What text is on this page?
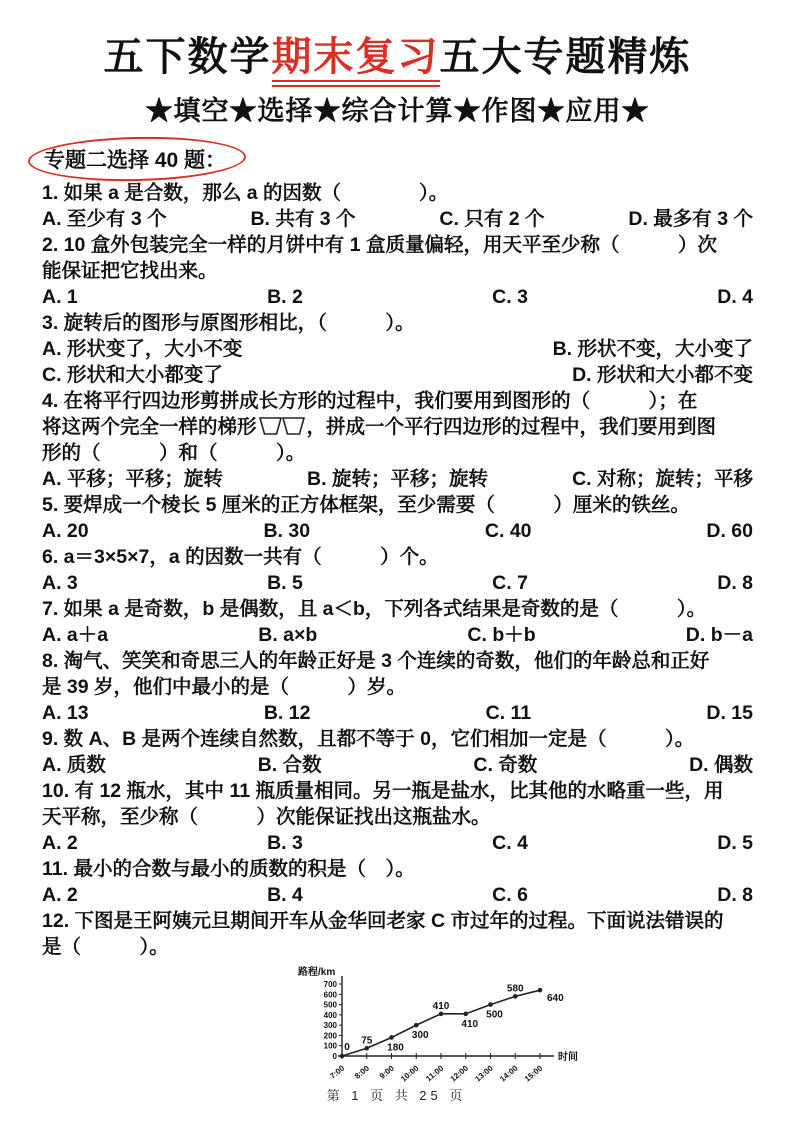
五下数学期末复习五大专题精炼
★填空★选择★综合计算★作图★应用★
专题二选择 40 题：
1. 如果 a 是合数，那么 a 的因数（　　　　）。
A. 至少有 3 个	B. 共有 3 个	C. 只有 2 个	D. 最多有 3 个
2. 10 盒外包装完全一样的月饼中有 1 盒质量偏轻，用天平至少称（　　　）次
能保证把它找出来。
A. 1	B. 2	C. 3	D. 4
3. 旋转后的图形与原图形相比，（　　　）。
A. 形状变了，大小不变	B. 形状不变，大小变了
C. 形状和大小都变了	D. 形状和大小都不变
4. 在将平行四边形剪拼成长方形的过程中，我们要用到图形的（　　　）；在
将这两个完全一样的梯形	，拼成一个平行四边形的过程中，我们要用到图
形的（　　　）和（　　　）。
A. 平移；平移；旋转	B. 旋转；平移；旋转	C. 对称；旋转；平移
5. 要焊成一个棱长 5 厘米的正方体框架，至少需要（　　　）厘米的铁丝。
A. 20	B. 30	C. 40	D. 60
6. a＝3×5×7，a 的因数一共有（　　　）个。
A. 3	B. 5	C. 7	D. 8
7. 如果 a 是奇数，b 是偶数，且 a＜b，下列各式结果是奇数的是（　　　）。
A. a＋a	B. a×b	C. b＋b	D. b－a
8. 淘气、笑笑和奇思三人的年龄正好是 3 个连续的奇数，他们的年龄总和正好
是 39 岁，他们中最小的是（　　　）岁。
A. 13	B. 12	C. 11	D. 15
9. 数 A、B 是两个连续自然数，且都不等于 0，它们相加一定是（　　　）。
A. 质数	B. 合数	C. 奇数	D. 偶数
10. 有 12 瓶水，其中 11 瓶质量相同。另一瓶是盐水，比其他的水略重一些，用
天平称，至少称（　　　）次能保证找出这瓶盐水。
A. 2	B. 3	C. 4	D. 5
11. 最小的合数与最小的质数的积是（　）。
A. 2	B. 4	C. 6	D. 8
12. 下图是王阿姨元旦期间开车从金华回老家 C 市过年的过程。下面说法错误的
是（　　　）。
0
100
200
300
400
500
600
700
7:00 8:00 9:00 10:00 11:00 12:00 13:00 14:00 15:00
路程/km
时间
0
75
180
300
410
410
500
580
640
第 1 页 共 25 页
